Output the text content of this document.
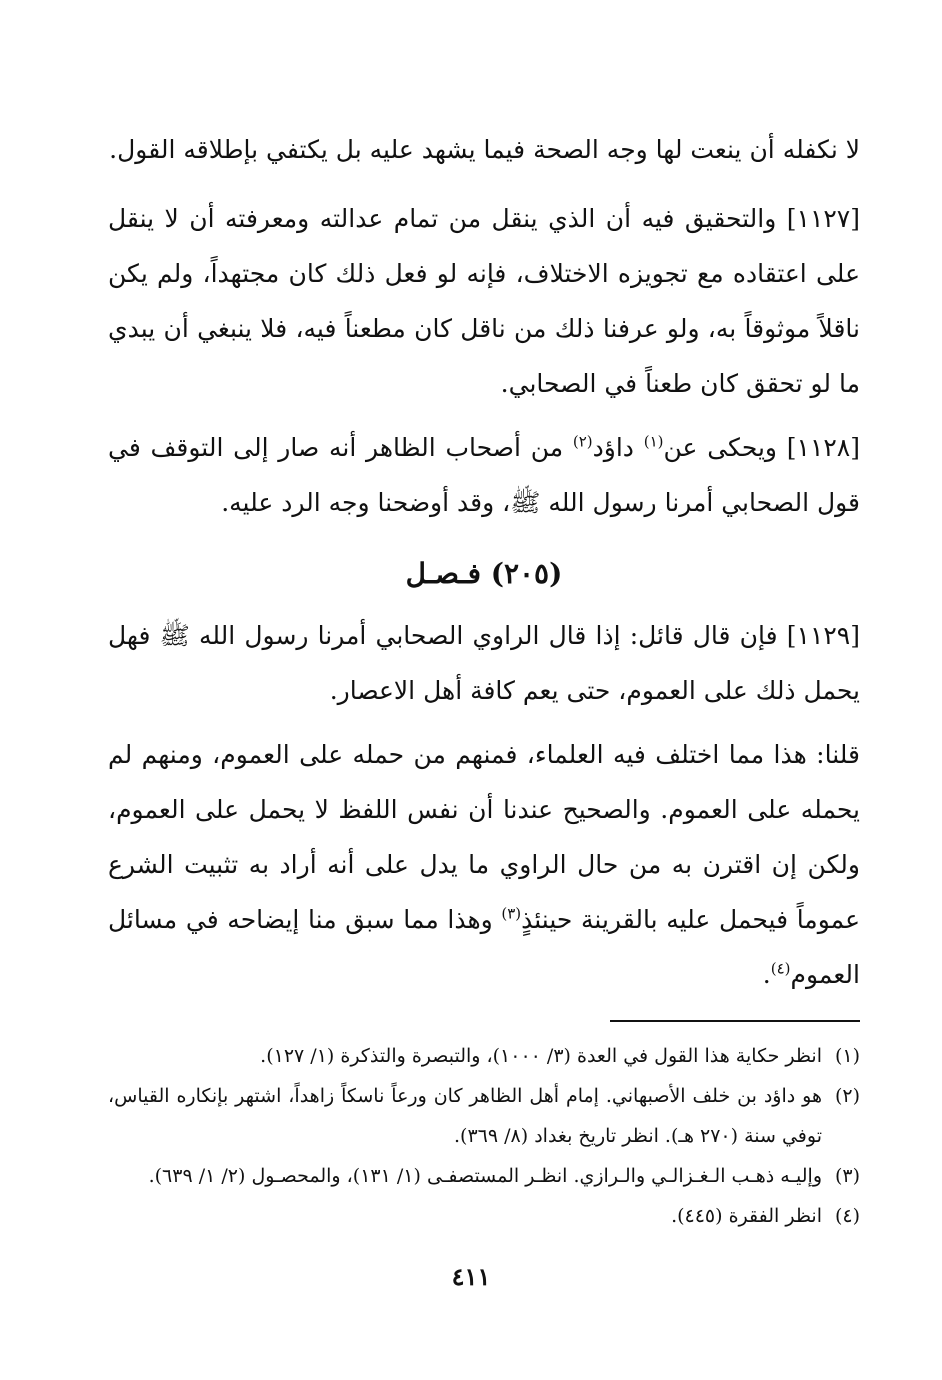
لا نكفله أن ينعت لها وجه الصحة فيما يشهد عليه بل يكتفي بإطلاقه القول.

[١١٢٧] والتحقيق فيه أن الذي ينقل من تمام عدالته ومعرفته أن لا ينقل على اعتقاده مع تجويزه الاختلاف، فإنه لو فعل ذلك كان مجتهداً، ولم يكن ناقلاً موثوقاً به، ولو عرفنا ذلك من ناقل كان مطعناً فيه، فلا ينبغي أن يبدي ما لو تحقق كان طعناً في الصحابي.

[١١٢٨] ويحكى عن$^{(١)}$ داؤد$^{(٢)}$ من أصحاب الظاهر أنه صار إلى التوقف في قول الصحابي أمرنا رسول الله ﷺ، وقد أوضحنا وجه الرد عليه.

(٢٠٥) فـصـل

[١١٢٩] فإن قال قائل: إذا قال الراوي الصحابي أمرنا رسول الله ﷺ فهل يحمل ذلك على العموم، حتى يعم كافة أهل الاعصار.

قلنا: هذا مما اختلف فيه العلماء، فمنهم من حمله على العموم، ومنهم لم يحمله على العموم. والصحيح عندنا أن نفس اللفظ لا يحمل على العموم، ولكن إن اقترن به من حال الراوي ما يدل على أنه أراد به تثبيت الشرع عموماً فيحمل عليه بالقرينة حينئذٍ$^{(٣)}$ وهذا مما سبق منا إيضاحه في مسائل العموم$^{(٤)}$.

(١)
انظر حكاية هذا القول في العدة (٣/ ١٠٠٠)، والتبصرة والتذكرة (١/ ١٢٧).

(٢)
هو داؤد بن خلف الأصبهاني. إمام أهل الظاهر كان ورعاً ناسكاً زاهداً، اشتهر بإنكاره القياس، توفي سنة (٢٧٠ هـ). انظر تاريخ بغداد (٨/ ٣٦٩).

(٣)
وإليـه ذهـب الـغـزالـي والـرازي. انظـر المستصفـى (١/ ١٣١)، والمحصـول (٢/ ١/ ٦٣٩).

(٤)
انظر الفقرة (٤٤٥).

٤١١
